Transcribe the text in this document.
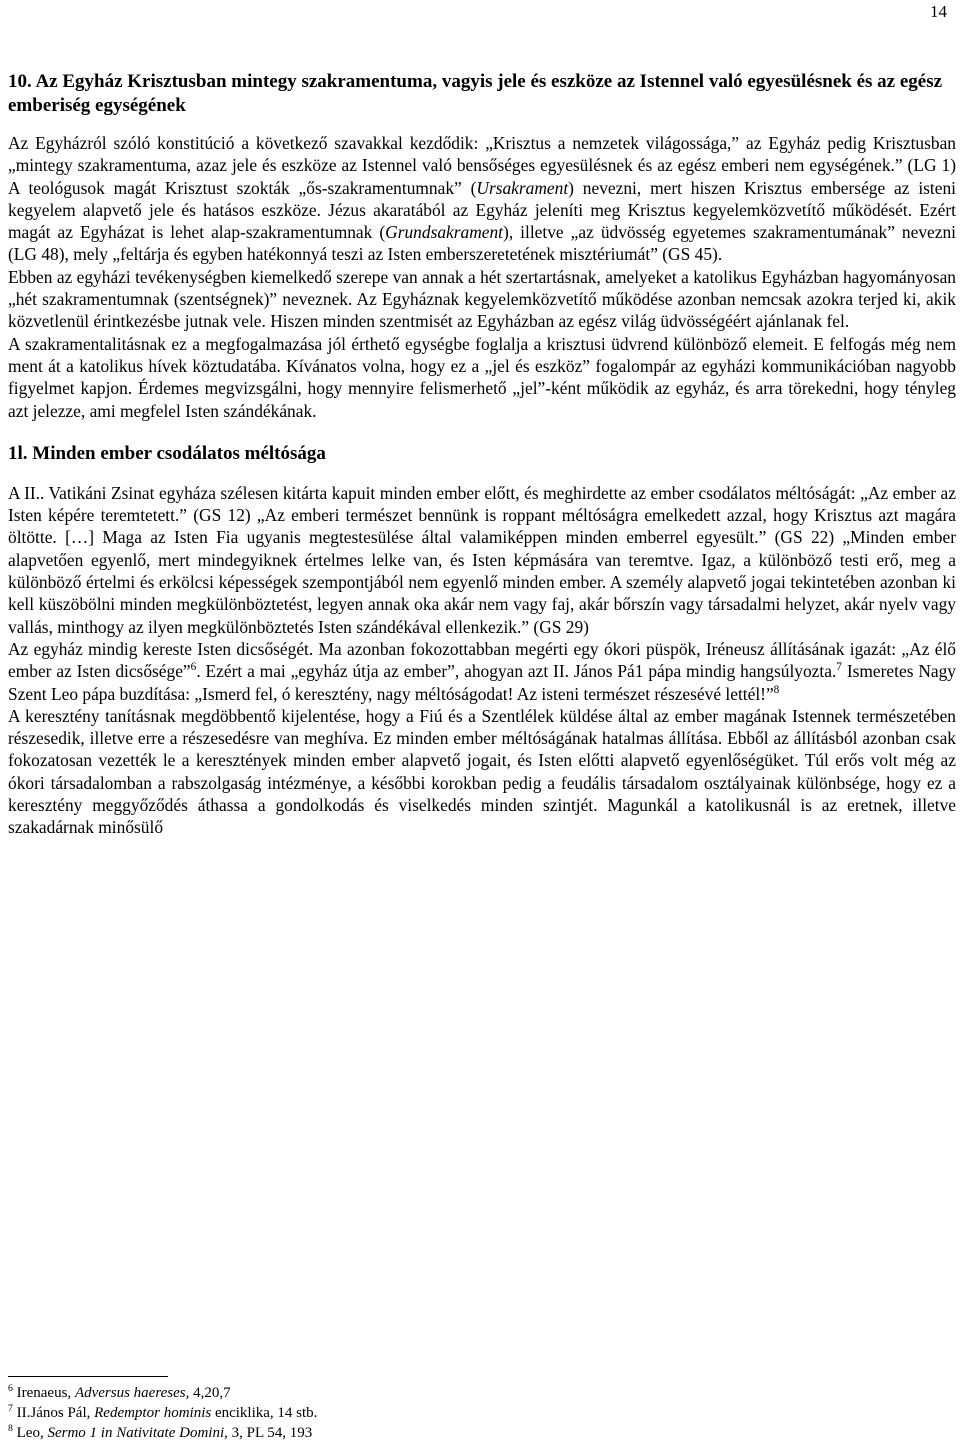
14
10. Az Egyház Krisztusban mintegy szakramentuma, vagyis jele és eszköze az Istennel való egyesülésnek és az egész emberiség egységének

Az Egyházról szóló konstitúció a következő szavakkal kezdődik: „Krisztus a nemzetek világossága,” az Egyház pedig Krisztusban „mintegy szakramentuma, azaz jele és eszköze az Istennel való bensőséges egyesülésnek és az egész emberi nem egységének.” (LG 1) A teológusok magát Krisztust szokták „ős-szakramentumnak” (Ursakrament) nevezni, mert hiszen Krisztus embersége az isteni kegyelem alapvető jele és hatásos eszköze. Jézus akaratából az Egyház jeleníti meg Krisztus kegyelemközvetítő működését. Ezért magát az Egyházat is lehet alap-szakramentumnak (Grundsakrament), illetve „az üdvösség egyetemes szakramentumának” nevezni (LG 48), mely „feltárja és egyben hatékonnyá teszi az Isten emberszeretetének misztériumát” (GS 45).

Ebben az egyházi tevékenységben kiemelkedő szerepe van annak a hét szertartásnak, amelyeket a katolikus Egyházban hagyományosan „hét szakramentumnak (szentségnek)” neveznek. Az Egyháznak kegyelemközvetítő működése azonban nemcsak azokra terjed ki, akik közvetlenül érintkezésbe jutnak vele. Hiszen minden szentmisét az Egyházban az egész világ üdvösségéért ajánlanak fel.

A szakramentalitásnak ez a megfogalmazása jól érthető egységbe foglalja a krisztusi üdvrend különböző elemeit. E felfogás még nem ment át a katolikus hívek köztudatába. Kívánatos volna, hogy ez a „jel és eszköz” fogalompár az egyházi kommunikációban nagyobb figyelmet kapjon. Érdemes megvizsgálni, hogy mennyire felismerhető „jel”-ként működik az egyház, és arra törekedni, hogy tényleg azt jelezze, ami megfelel Isten szándékának.

1l. Minden ember csodálatos méltósága

A II.. Vatikáni Zsinat egyháza szélesen kitárta kapuit minden ember előtt, és meghirdette az ember csodálatos méltóságát: „Az ember az Isten képére teremtetett.” (GS 12) „Az emberi természet bennünk is roppant méltóságra emelkedett azzal, hogy Krisztus azt magára öltötte. […] Maga az Isten Fia ugyanis megtestesülése által valamiképpen minden emberrel egyesült.” (GS 22) „Minden ember alapvetően egyenlő, mert mindegyiknek értelmes lelke van, és Isten képmására van teremtve. Igaz, a különböző testi erő, meg a különböző értelmi és erkölcsi képességek szempontjából nem egyenlő minden ember. A személy alapvető jogai tekintetében azonban ki kell küszöbölni minden megkülönböztetést, legyen annak oka akár nem vagy faj, akár bőrszín vagy társadalmi helyzet, akár nyelv vagy vallás, minthogy az ilyen megkülönböztetés Isten szándékával ellenkezik.” (GS 29)

Az egyház mindig kereste Isten dicsőségét. Ma azonban fokozottabban megérti egy ókori püspök, Iréneusz állításának igazát: „Az élő ember az Isten dicsősége”$^6$. Ezért a mai „egyház útja az ember”, ahogyan azt II. János Pá1 pápa mindig hangsúlyozta.$^7$ Ismeretes Nagy Szent Leo pápa buzdítása: „Ismerd fel, ó keresztény, nagy méltóságodat! Az isteni természet részesévé lettél!”$^8$

A keresztény tanításnak megdöbbentő kijelentése, hogy a Fiú és a Szentlélek küldése által az ember magának Istennek természetében részesedik, illetve erre a részesedésre van meghíva. Ez minden ember méltóságának hatalmas állítása. Ebből az állításból azonban csak fokozatosan vezették le a keresztények minden ember alapvető jogait, és Isten előtti alapvető egyenlőségüket. Túl erős volt még az ókori társadalomban a rabszolgaság intézménye, a későbbi korokban pedig a feudális társadalom osztályainak különbsége, hogy ez a keresztény meggyőződés áthassa a gondolkodás és viselkedés minden szintjét. Magunkál a katolikusnál is az eretnek, illetve szakadárnak minősülő

$^6$ Irenaeus, Adversus haereses, 4,20,7

$^7$ II.János Pál, Redemptor hominis enciklika, 14 stb.

$^8$ Leo, Sermo 1 in Nativitate Domini, 3, PL 54, 193
